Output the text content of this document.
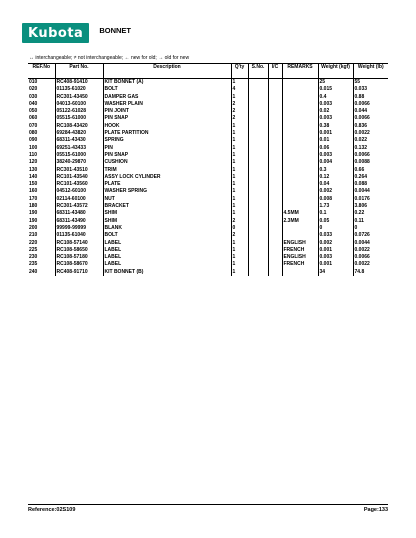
Kubota	BONNET
↔ interchangeable; ≠ not interchangeable; ← new for old; → old for new
REF.No	Part No.	Description	Q'ty	S.No.	I/C	REMARKS	Weight (kgf)	Weight (lb)
010	RC408-91410	KIT BONNET (A)	1				25	55
020	01135-61020	BOLT	4				0.015	0.033
030	RC301-43450	DAMPER GAS	1				0.4	0.88
040	04013-60100	WASHER PLAIN	2				0.003	0.0066
050	05122-61028	PIN JOINT	2				0.02	0.044
060	05515-61000	PIN SNAP	2				0.003	0.0066
070	RC108-43420	HOOK	1				0.38	0.836
080	69284-43820	PLATE PARTITION	1				0.001	0.0022
090	68311-43430	SPRING	1				0.01	0.022
100	69251-43433	PIN	1				0.06	0.132
110	05515-61000	PIN SNAP	1				0.003	0.0066
120	38240-29870	CUSHION	1				0.004	0.0088
130	RC301-43510	TRIM	1				0.3	0.66
140	RC101-43540	ASSY LOCK CYLINDER	1				0.12	0.264
150	RC101-43560	PLATE	1				0.04	0.088
160	04512-60100	WASHER SPRING	1				0.002	0.0044
170	02114-60100	NUT	1				0.008	0.0176
180	RC301-43572	BRACKET	1				1.73	3.806
190	68311-43480	SHIM	1			4.5MM	0.1	0.22
190	68311-43490	SHIM	2			2.3MM	0.05	0.11
200	99999-99999	BLANK	0				0	0
210	01135-61040	BOLT	2				0.033	0.0726
220	RC108-57140	LABEL	1			ENGLISH	0.002	0.0044
225	RC108-58650	LABEL	1			FRENCH	0.001	0.0022
230	RC108-57180	LABEL	1			ENGLISH	0.003	0.0066
235	RC108-58670	LABEL	1			FRENCH	0.001	0.0022
240	RC408-91710	KIT BONNET (B)	1				34	74.8
Reference:02S109	Page:133
